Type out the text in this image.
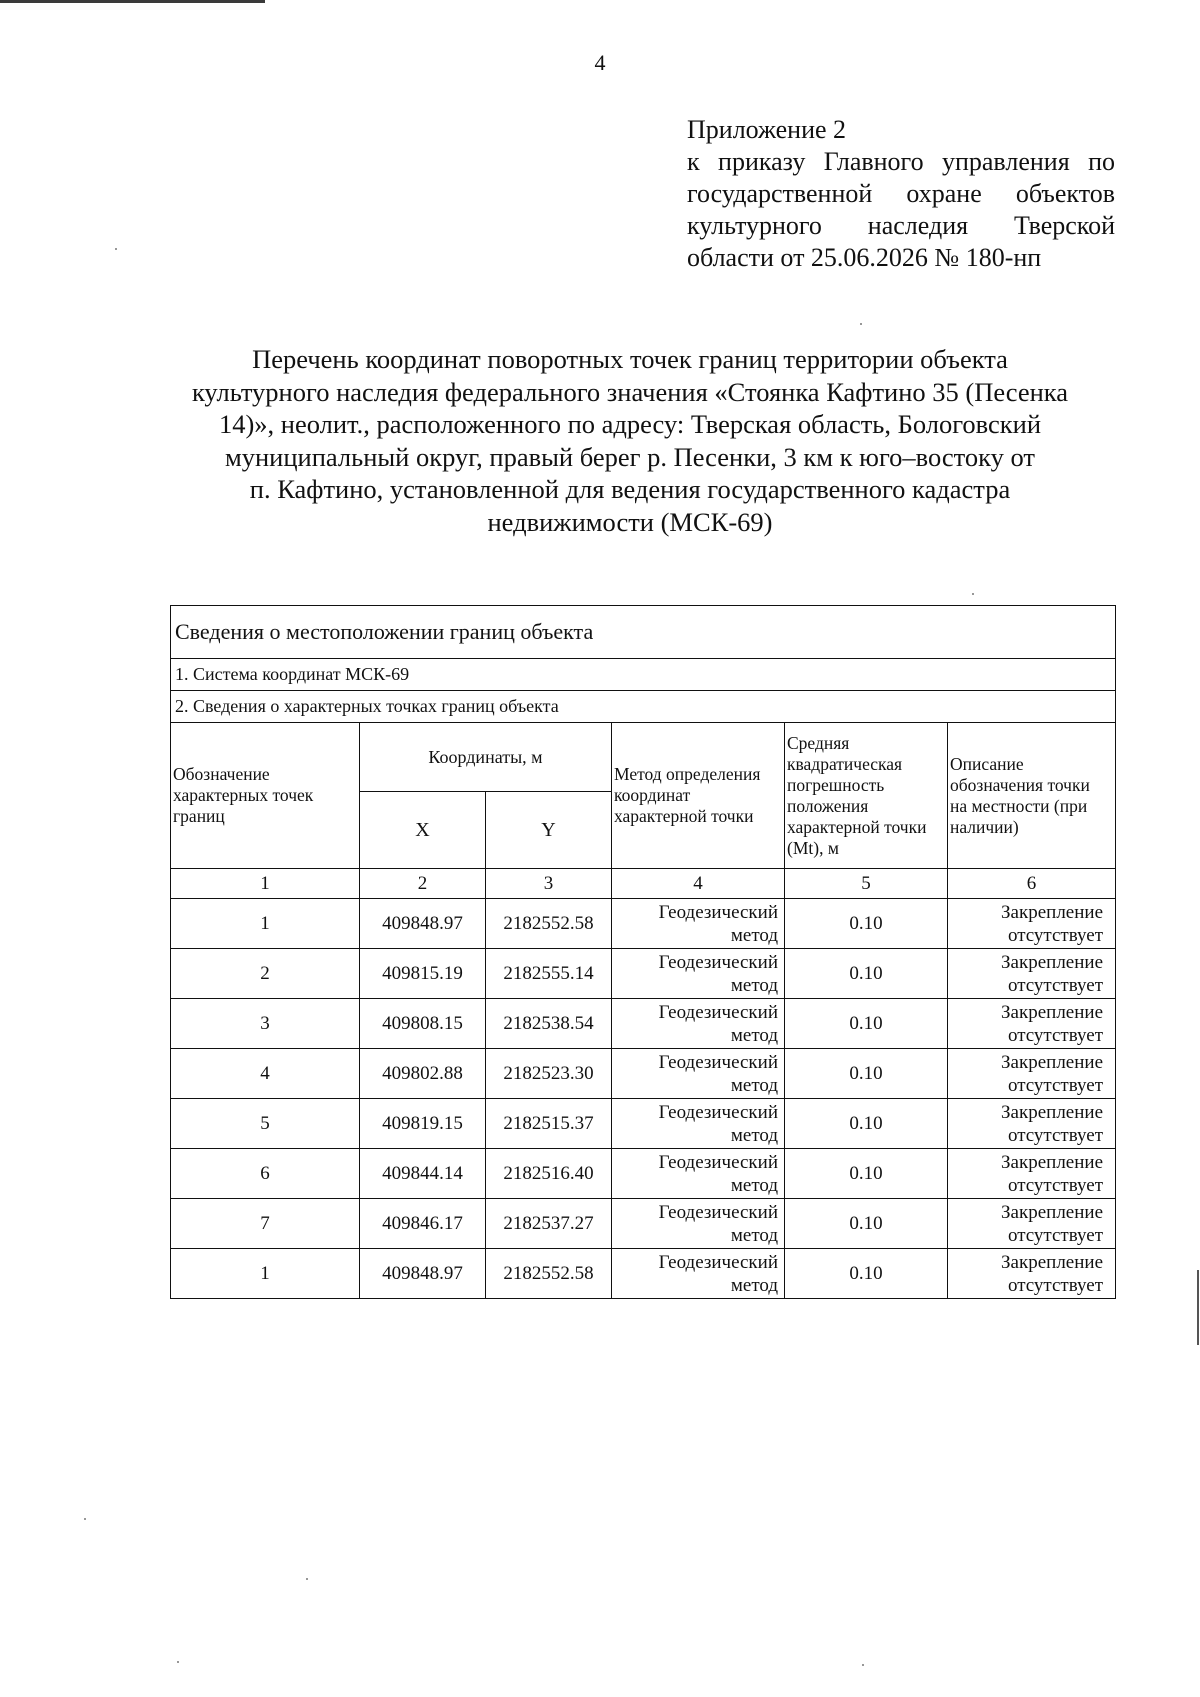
4
Приложение 2
к приказу Главного управления по государственной охране объектов культурного наследия Тверской области от 25.06.2026 № 180-нп
Перечень координат поворотных точек границ территории объекта
культурного наследия федерального значения «Стоянка Кафтино 35 (Песенка
14)», неолит., расположенного по адресу: Тверская область, Бологовский
муниципальный округ, правый берег р. Песенки, 3 км к юго–востоку от
п. Кафтино, установленной для ведения государственного кадастра
недвижимости (МСК-69)
Сведения о местоположении границ объекта					
1. Система координат МСК-69					
2. Сведения о характерных точках границ объекта					
Обозначение характерных точек границ	Координаты, м		Метод определения координат характерной точки	Средняя квадратическая погрешность положения характерной точки (Mt), м	Описание обозначения точки на местности (при наличии)
	X	Y			
1	2	3	4	5	6
1	409848.97	2182552.58	Геодезический метод	0.10	Закрепление отсутствует
2	409815.19	2182555.14	Геодезический метод	0.10	Закрепление отсутствует
3	409808.15	2182538.54	Геодезический метод	0.10	Закрепление отсутствует
4	409802.88	2182523.30	Геодезический метод	0.10	Закрепление отсутствует
5	409819.15	2182515.37	Геодезический метод	0.10	Закрепление отсутствует
6	409844.14	2182516.40	Геодезический метод	0.10	Закрепление отсутствует
7	409846.17	2182537.27	Геодезический метод	0.10	Закрепление отсутствует
1	409848.97	2182552.58	Геодезический метод	0.10	Закрепление отсутствует
